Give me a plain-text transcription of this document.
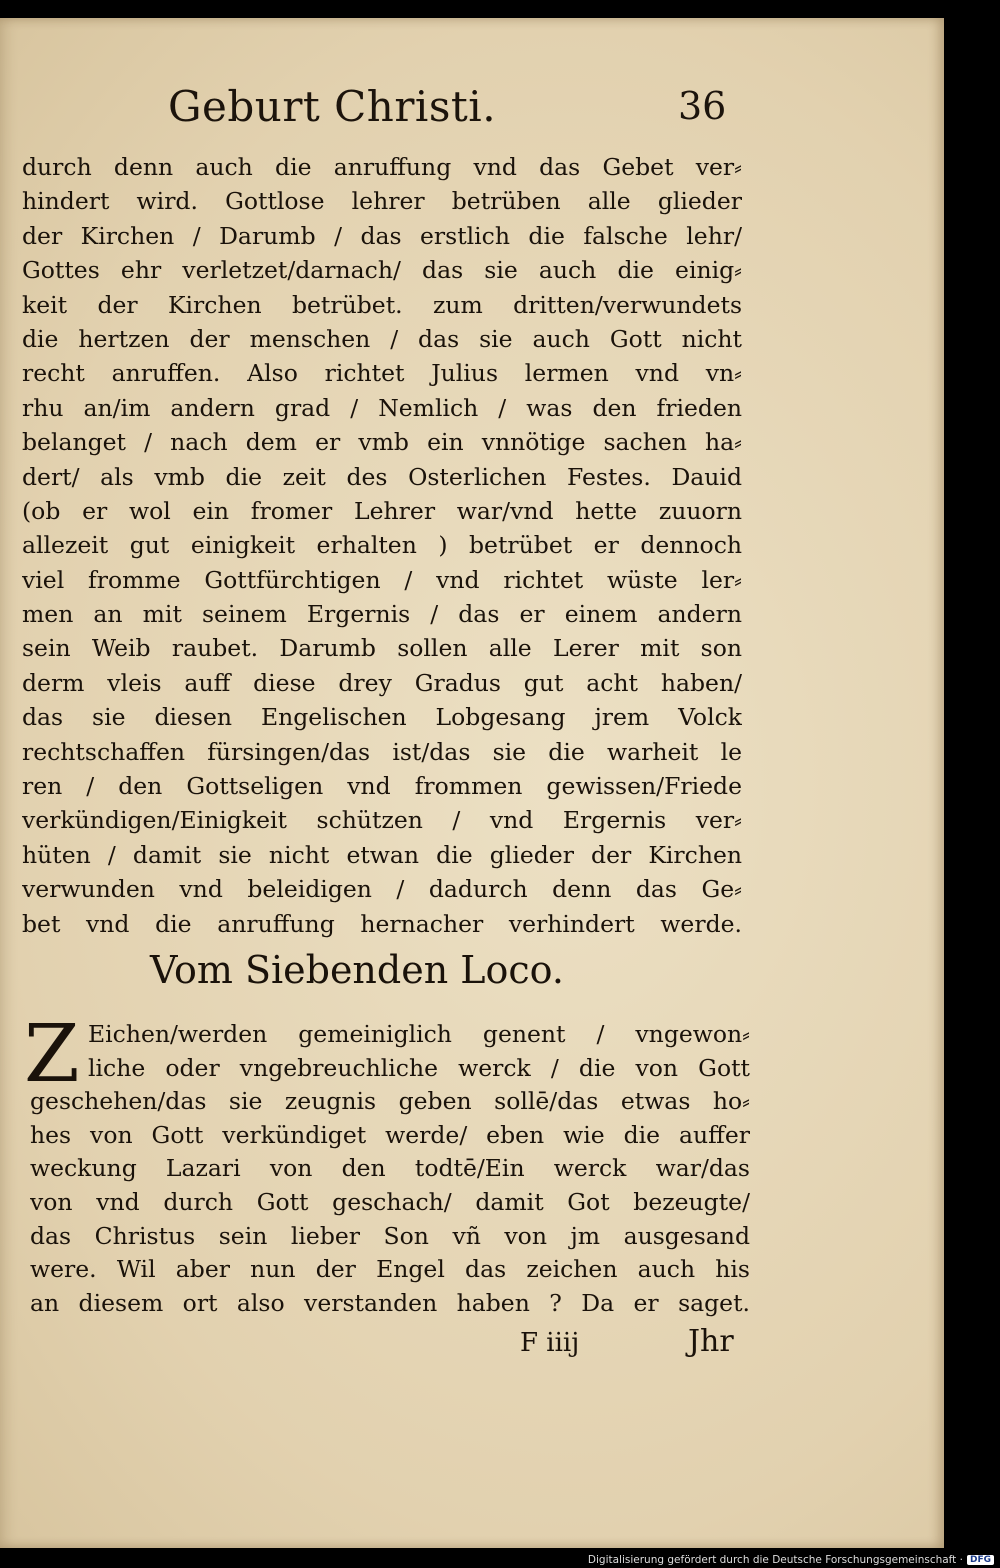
Geburt Christi.	36
durch denn auch die anruffung vnd das Gebet ver⸗
hindert wird. Gottlose lehrer betrüben alle glieder
der Kirchen / Darumb / das erstlich die falsche lehr/
Gottes ehr verletzet/darnach/ das sie auch die einig⸗
keit der Kirchen betrübet. zum dritten/verwundets
die hertzen der menschen / das sie auch Gott nicht
recht anruffen. Also richtet Julius lermen vnd vn⸗
rhu an/im andern grad / Nemlich / was den frieden
belanget / nach dem er vmb ein vnnötige sachen ha⸗
dert/ als vmb die zeit des Osterlichen Festes. Dauid
(ob er wol ein fromer Lehrer war/vnd hette zuuorn
allezeit gut einigkeit erhalten ) betrübet er dennoch
viel fromme Gottfürchtigen / vnd richtet wüste ler⸗
men an mit seinem Ergernis / das er einem andern
sein Weib raubet. Darumb sollen alle Lerer mit son
derm vleis auff diese drey Gradus gut acht haben/
das sie diesen Engelischen Lobgesang jrem Volck
rechtschaffen fürsingen/das ist/das sie die warheit le
ren / den Gottseligen vnd frommen gewissen/Friede
verkündigen/Einigkeit schützen / vnd Ergernis ver⸗
hüten / damit sie nicht etwan die glieder der Kirchen
verwunden vnd beleidigen / dadurch denn das Ge⸗
bet vnd die anruffung hernacher verhindert werde.
Vom Siebenden Loco.
Z Eichen/werden gemeiniglich genent / vngewon⸗
liche oder vngebreuchliche werck / die von Gott
geschehen/das sie zeugnis geben sollē/das etwas ho⸗
hes von Gott verkündiget werde/ eben wie die auffer
weckung Lazari von den todtē/Ein werck war/das
von vnd durch Gott geschach/ damit Got bezeugte/
das Christus sein lieber Son vñ von jm ausgesand
were. Wil aber nun der Engel das zeichen auch his
an diesem ort also verstanden haben ? Da er saget.
F iiij	Jhr
Digitalisierung gefördert durch die Deutsche Forschungsgemeinschaft · DFG
